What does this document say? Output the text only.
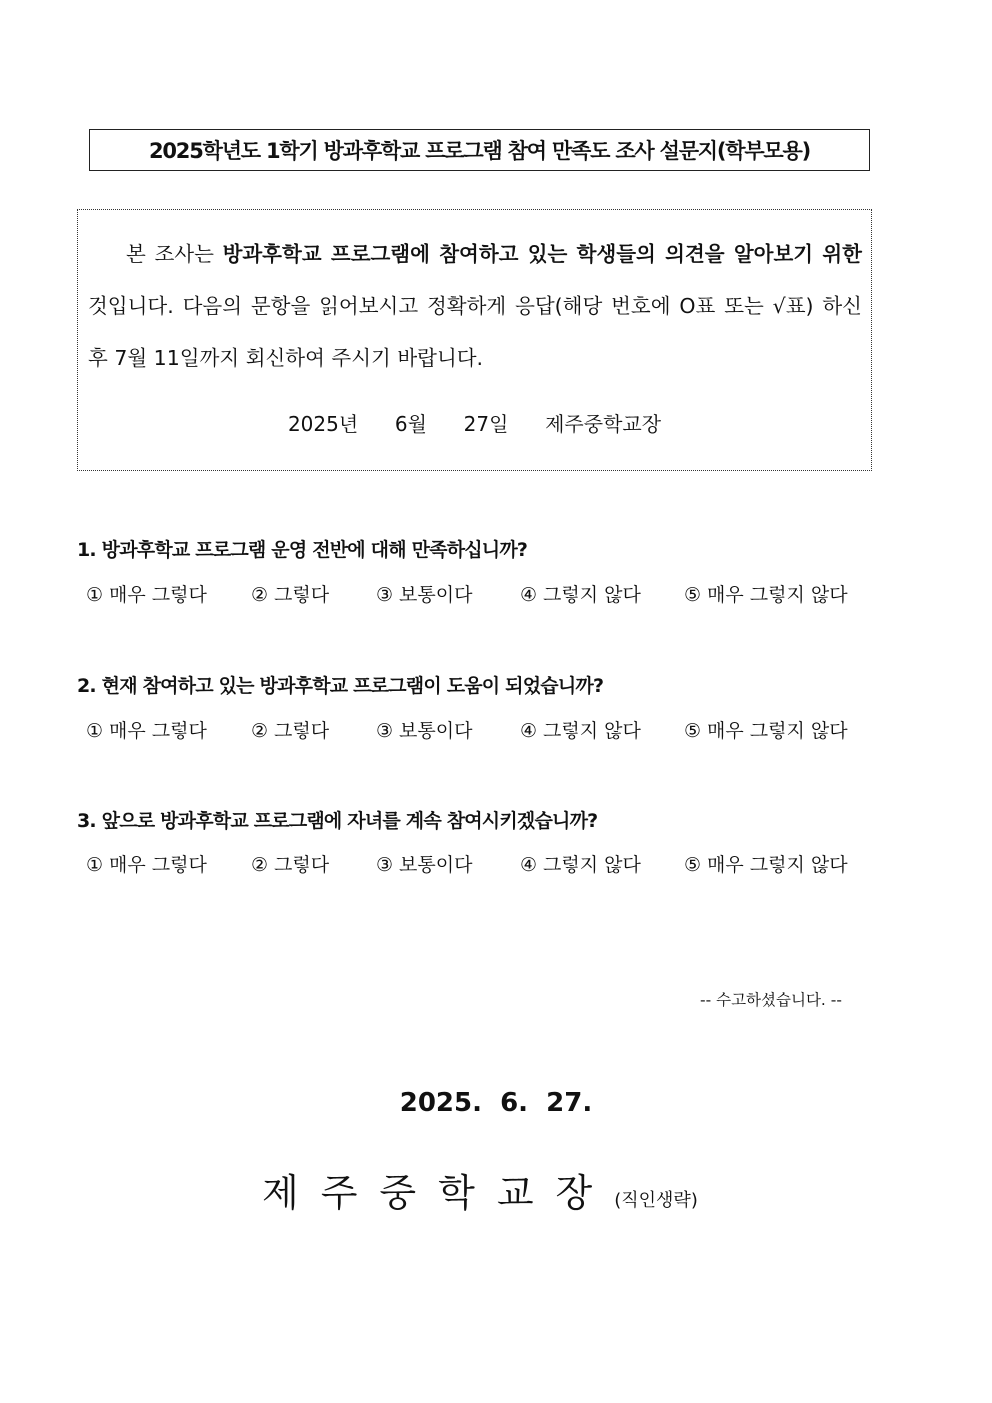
2025학년도 1학기 방과후학교 프로그램 참여 만족도 조사 설문지(학부모용)

본 조사는 방과후학교 프로그램에 참여하고 있는 학생들의 의견을 알아보기 위한 것입니다. 다음의 문항을 읽어보시고 정확하게 응답(해당 번호에 O표 또는 √표) 하신 후 7월 11일까지 회신하여 주시기 바랍니다.

2025년  6월  27일  제주중학교장
1. 방과후학교 프로그램 운영 전반에 대해 만족하십니까?
① 매우 그렇다 ② 그렇다 ③ 보통이다	④ 그렇지 않다 ⑤ 매우 그렇지 않다
2. 현재 참여하고 있는 방과후학교 프로그램이 도움이 되었습니까?
① 매우 그렇다 ② 그렇다 ③ 보통이다	④ 그렇지 않다 ⑤ 매우 그렇지 않다
3. 앞으로 방과후학교 프로그램에 자녀를 계속 참여시키겠습니까?
① 매우 그렇다 ② 그렇다 ③ 보통이다	④ 그렇지 않다 ⑤ 매우 그렇지 않다
-- 수고하셨습니다. --
2025.  6.  27.
제주중학교장(직인생략)
